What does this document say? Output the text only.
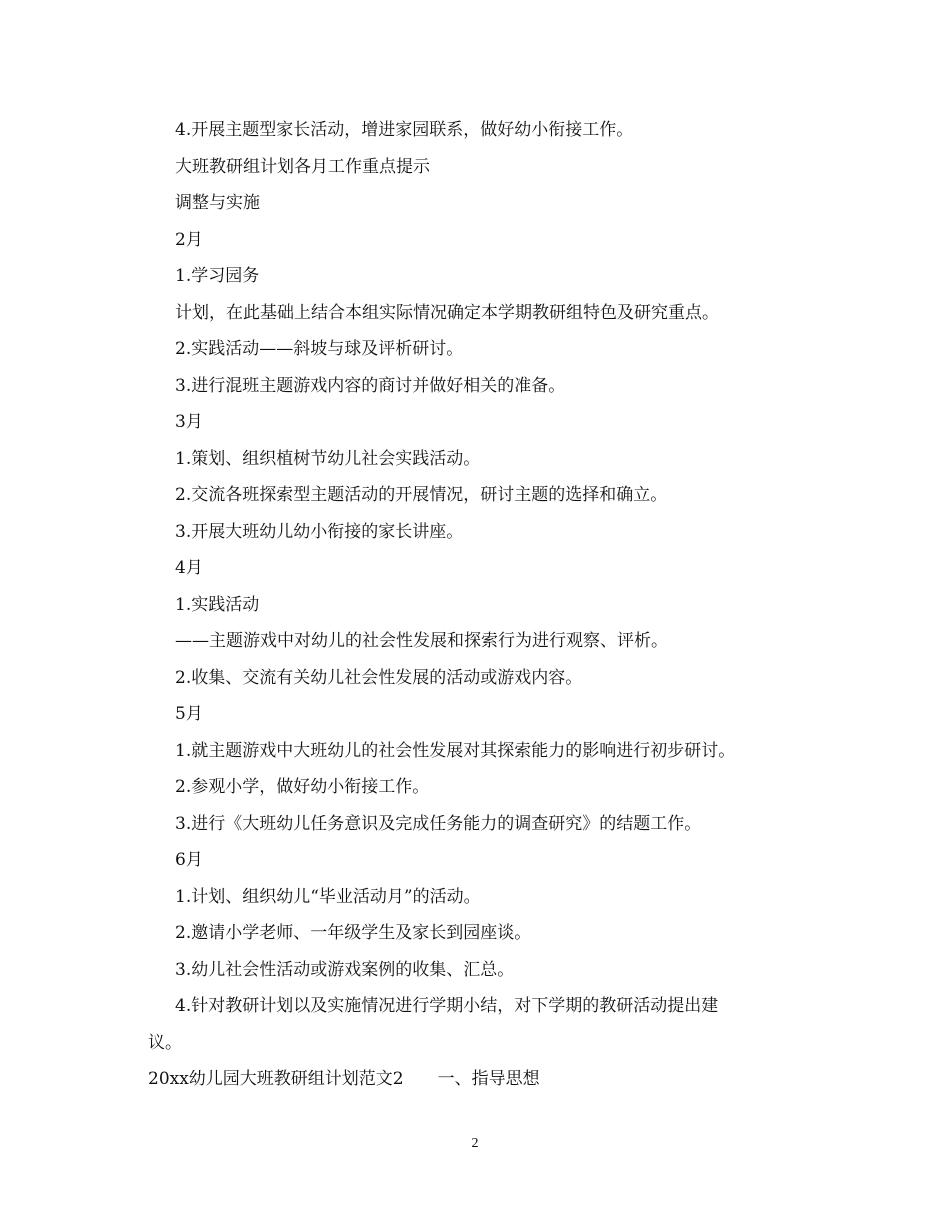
4.开展主题型家长活动，增进家园联系，做好幼小衔接工作。
大班教研组计划各月工作重点提示
调整与实施
2月
1.学习园务
计划，在此基础上结合本组实际情况确定本学期教研组特色及研究重点。
2.实践活动——斜坡与球及评析研讨。
3.进行混班主题游戏内容的商讨并做好相关的准备。
3月
1.策划、组织植树节幼儿社会实践活动。
2.交流各班探索型主题活动的开展情况，研讨主题的选择和确立。
3.开展大班幼儿幼小衔接的家长讲座。
4月
1.实践活动
——主题游戏中对幼儿的社会性发展和探索行为进行观察、评析。
2.收集、交流有关幼儿社会性发展的活动或游戏内容。
5月
1.就主题游戏中大班幼儿的社会性发展对其探索能力的影响进行初步研讨。
2.参观小学，做好幼小衔接工作。
3.进行《大班幼儿任务意识及完成任务能力的调查研究》的结题工作。
6月
1.计划、组织幼儿“毕业活动月”的活动。
2.邀请小学老师、一年级学生及家长到园座谈。
3.幼儿社会性活动或游戏案例的收集、汇总。
4.针对教研计划以及实施情况进行学期小结，对下学期的教研活动提出建
议。
20xx幼儿园大班教研组计划范文2　　一、指导思想
2
